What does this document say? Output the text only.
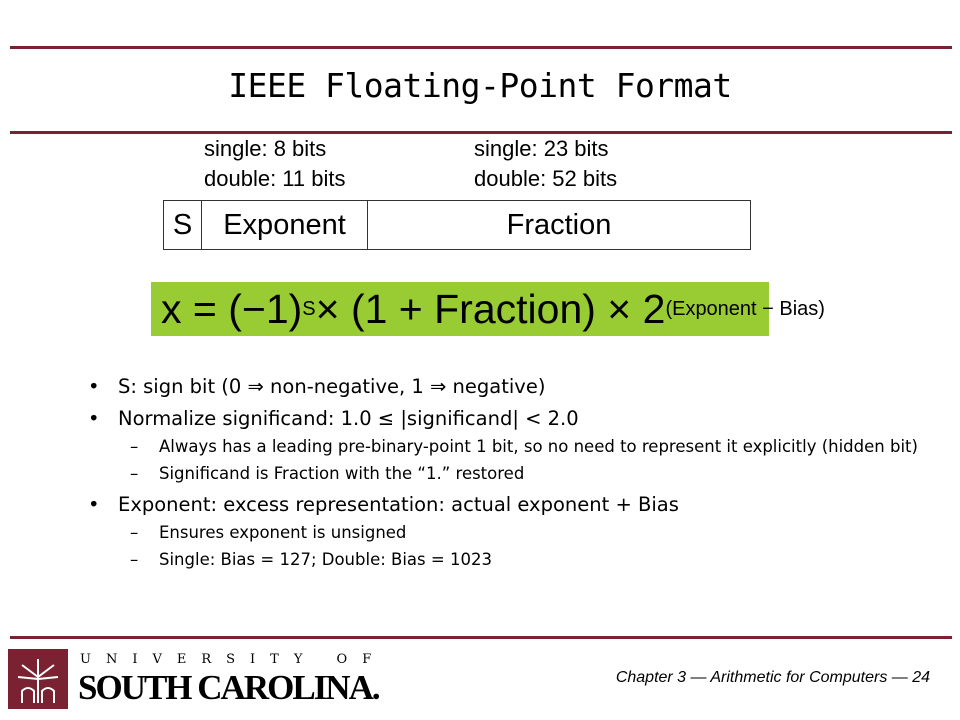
IEEE Floating-Point Format
single: 8 bits
double: 11 bits
single: 23 bits
double: 52 bits
S	Exponent	Fraction
x = (−1) S × (1 + Fraction) × 2 (Exponent − Bias)
• S: sign bit (0 ⇒ non-negative, 1 ⇒ negative)
• Normalize significand: 1.0 ≤ |significand| < 2.0
– Always has a leading pre-binary-point 1 bit, so no need to represent it explicitly (hidden bit)
– Significand is Fraction with the “1.” restored
• Exponent: excess representation: actual exponent + Bias
– Ensures exponent is unsigned
– Single: Bias = 127; Double: Bias = 1023
UNIVERSITY OF
SOUTH CAROLINA.	Chapter 3 — Arithmetic for Computers — 24
